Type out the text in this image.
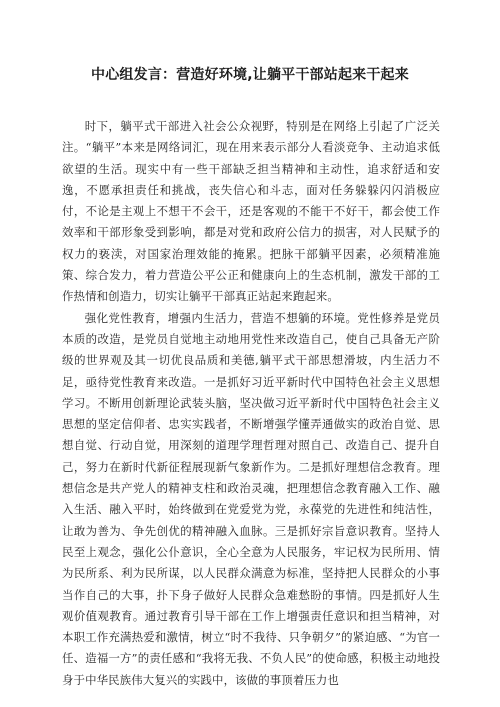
中心组发言：营造好环境,让躺平干部站起来干起来

时下，躺平式干部进入社会公众视野，特别是在网络上引起了广泛关注。“躺平”本来是网络词汇，现在用来表示部分人看淡竞争、主动追求低欲望的生活。现实中有一些干部缺乏担当精神和主动性，追求舒适和安逸，不愿承担责任和挑战，丧失信心和斗志，面对任务躲躲闪闪消极应付，不论是主观上不想干不会干，还是客观的不能干不好干，都会使工作效率和干部形象受到影响，都是对党和政府公信力的损害，对人民赋予的权力的亵渎，对国家治理效能的掩累。把脉干部躺平因素，必须精准施策、综合发力，着力营造公平公正和健康向上的生态机制，激发干部的工作热情和创造力，切实让躺平干部真正站起来跑起来。

强化党性教育，增强内生活力，营造不想躺的环境。党性修养是党员本质的改造，是党员自觉地主动地用党性来改造自己，使自己具备无产阶级的世界观及其一切优良品质和美德,躺平式干部思想滑坡，内生活力不足，亟待党性教育来改造。一是抓好习近平新时代中国特色社会主义思想学习。不断用创新理论武装头脑，坚决做习近平新时代中国特色社会主义思想的坚定信仰者、忠实实践者，不断增强学懂弄通做实的政治自觉、思想自觉、行动自觉，用深刻的道理学理哲理对照自己、改造自己、提升自己，努力在新时代新征程展现新气象新作为。二是抓好理想信念教育。理想信念是共产党人的精神支柱和政治灵魂，把理想信念教育融入工作、融入生活、融入平时，始终做到在党爱党为党，永葆党的先进性和纯洁性，让敢为善为、争先创优的精神融入血脉。三是抓好宗旨意识教育。坚持人民至上观念，强化公仆意识，全心全意为人民服务，牢记权为民所用、情为民所系、利为民所谋，以人民群众满意为标准，坚持把人民群众的小事当作自己的大事，扑下身子做好人民群众急难愁盼的事情。四是抓好人生观价值观教育。通过教育引导干部在工作上增强责任意识和担当精神，对本职工作充满热爱和激情，树立“时不我待、只争朝夕”的紧迫感、“为官一任、造福一方”的责任感和“我将无我、不负人民”的使命感，积极主动地投身于中华民族伟大复兴的实践中，该做的事顶着压力也
